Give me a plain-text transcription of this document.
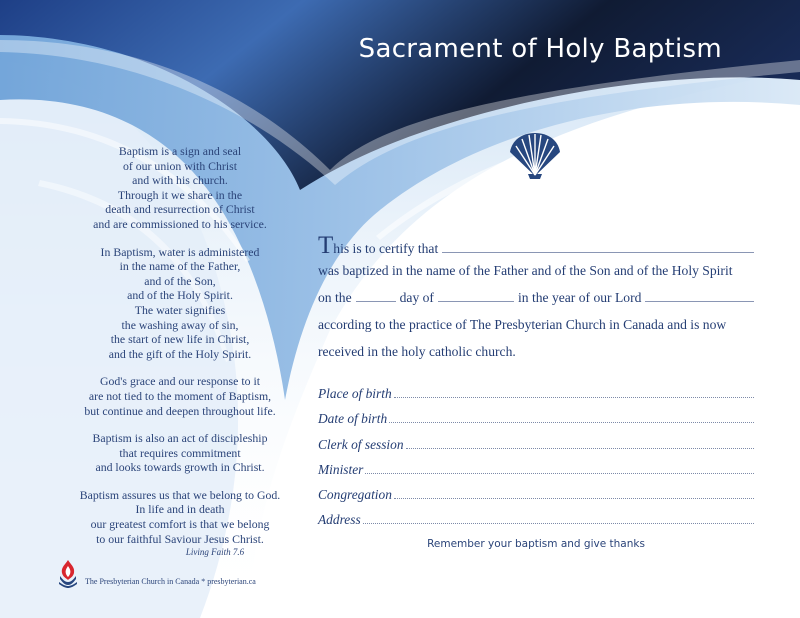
Sacrament of Holy Baptism
Baptism is a sign and seal
of our union with Christ
and with his church.
Through it we share in the
death and resurrection of Christ
and are commissioned to his service.
In Baptism, water is administered
in the name of the Father,
and of the Son,
and of the Holy Spirit.
The water signifies
the washing away of sin,
the start of new life in Christ,
and the gift of the Holy Spirit.
God's grace and our response to it
are not tied to the moment of Baptism,
but continue and deepen throughout life.
Baptism is also an act of discipleship
that requires commitment
and looks towards growth in Christ.
Baptism assures us that we belong to God.
In life and in death
our greatest comfort is that we belong
to our faithful Saviour Jesus Christ.
Living Faith 7.6
The Presbyterian Church in Canada * presbyterian.ca
T his is to certify that
was baptized in the name of the Father and of the Son and of the Holy Spirit
on the	day of	in the year of our Lord
according to the practice of The Presbyterian Church in Canada and is now
received in the holy catholic church.
Place of birth
Date of birth
Clerk of session
Minister
Congregation
Address
Remember your baptism and give thanks
